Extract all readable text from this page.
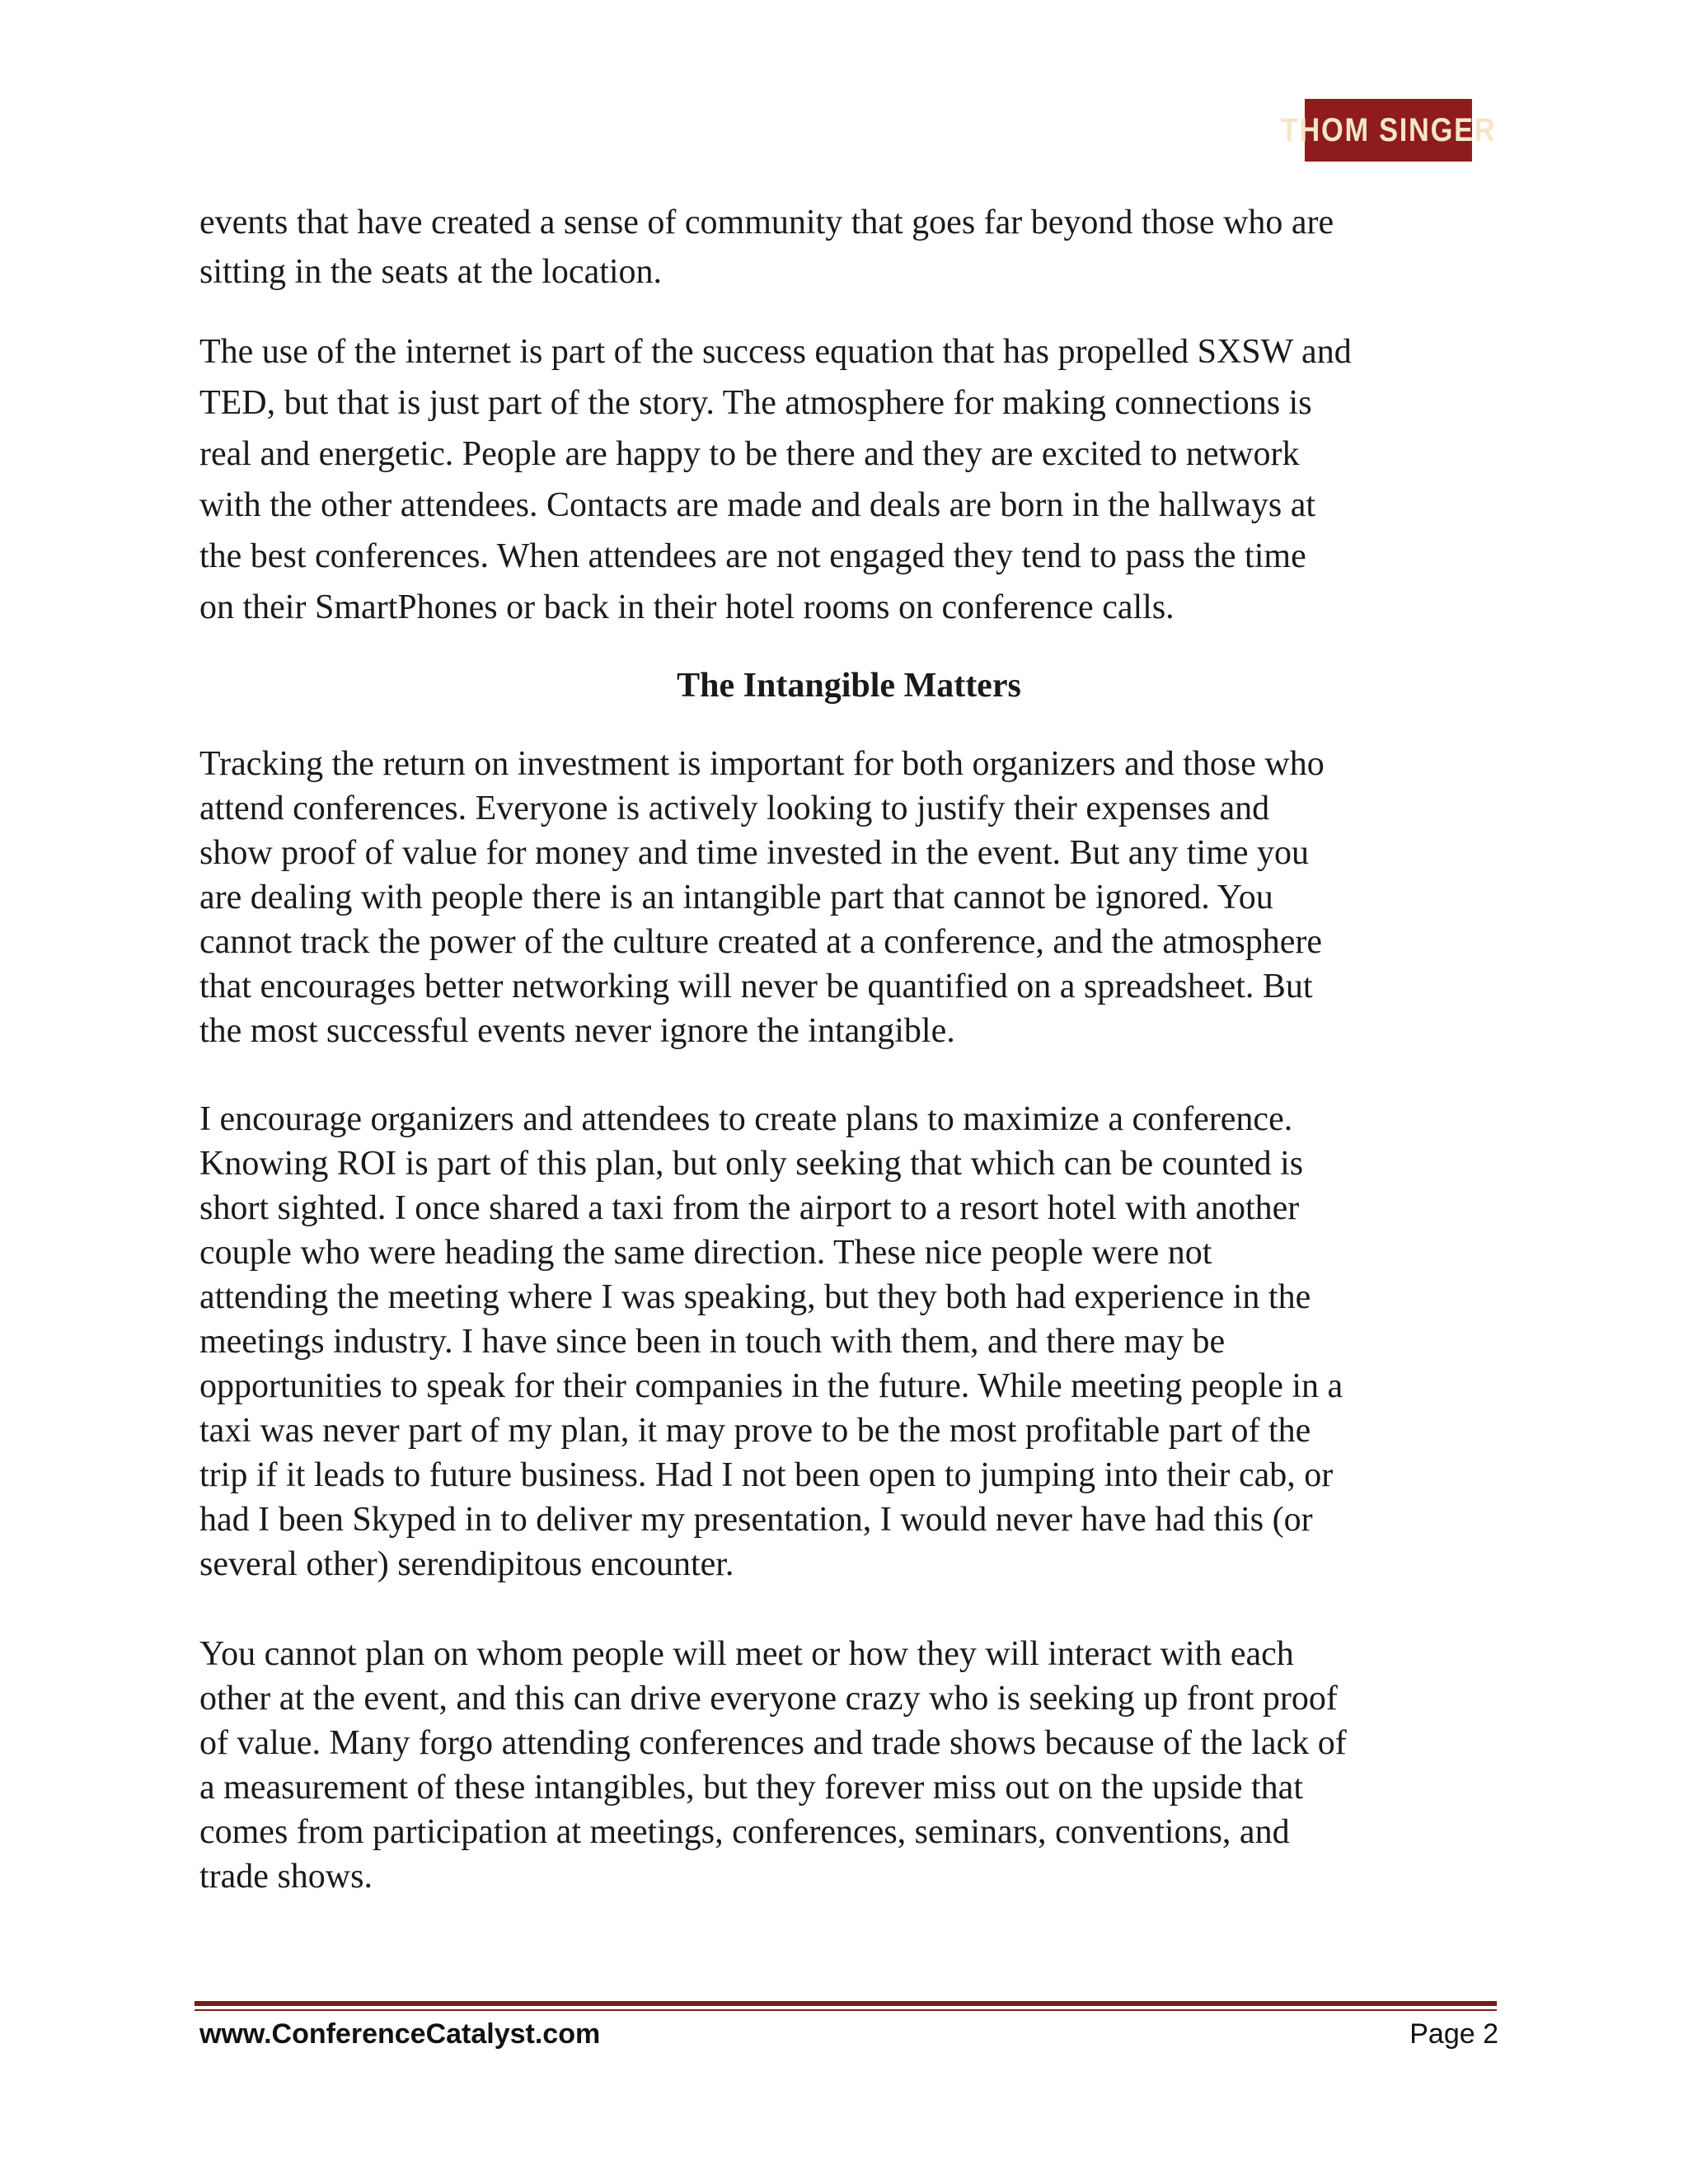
THOM SINGER

events that have created a sense of community that goes far beyond those who are
sitting in the seats at the location.

The use of the internet is part of the success equation that has propelled SXSW and
TED, but that is just part of the story. The atmosphere for making connections is
real and energetic. People are happy to be there and they are excited to network
with the other attendees. Contacts are made and deals are born in the hallways at
the best conferences. When attendees are not engaged they tend to pass the time
on their SmartPhones or back in their hotel rooms on conference calls.

The Intangible Matters

Tracking the return on investment is important for both organizers and those who
attend conferences. Everyone is actively looking to justify their expenses and
show proof of value for money and time invested in the event. But any time you
are dealing with people there is an intangible part that cannot be ignored. You
cannot track the power of the culture created at a conference, and the atmosphere
that encourages better networking will never be quantified on a spreadsheet. But
the most successful events never ignore the intangible.

I encourage organizers and attendees to create plans to maximize a conference.
Knowing ROI is part of this plan, but only seeking that which can be counted is
short sighted. I once shared a taxi from the airport to a resort hotel with another
couple who were heading the same direction. These nice people were not
attending the meeting where I was speaking, but they both had experience in the
meetings industry. I have since been in touch with them, and there may be
opportunities to speak for their companies in the future. While meeting people in a
taxi was never part of my plan, it may prove to be the most profitable part of the
trip if it leads to future business. Had I not been open to jumping into their cab, or
had I been Skyped in to deliver my presentation, I would never have had this (or
several other) serendipitous encounter.

You cannot plan on whom people will meet or how they will interact with each
other at the event, and this can drive everyone crazy who is seeking up front proof
of value. Many forgo attending conferences and trade shows because of the lack of
a measurement of these intangibles, but they forever miss out on the upside that
comes from participation at meetings, conferences, seminars, conventions, and
trade shows.

www.ConferenceCatalyst.com	Page 2
